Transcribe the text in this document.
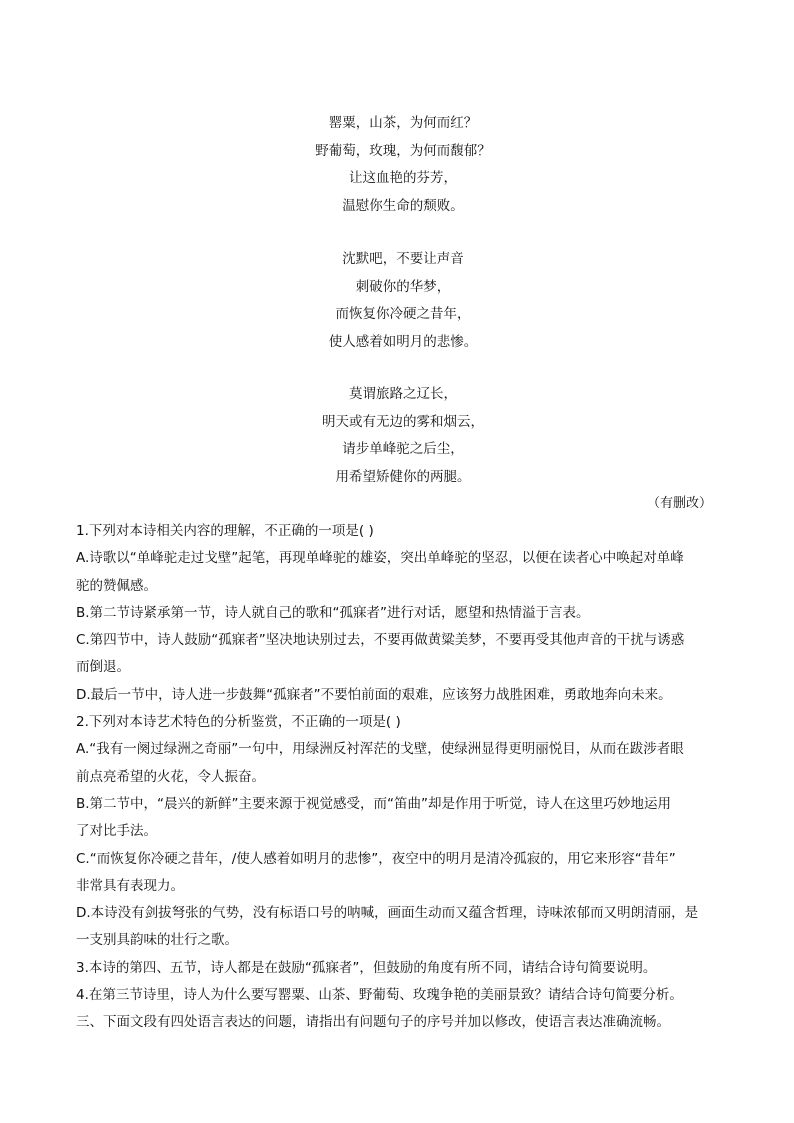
罂粟，山茶，为何而红？
野葡萄，玫瑰，为何而馥郁？
让这血艳的芬芳，
温慰你生命的颓败。
沈默吧，不要让声音
刺破你的华梦，
而恢复你冷硬之昔年，
使人感着如明月的悲惨。
莫谓旅路之辽长，
明天或有无边的雾和烟云，
请步单峰驼之后尘，
用希望矫健你的两腿。
（有删改）
1.下列对本诗相关内容的理解，不正确的一项是( )
A.诗歌以“单峰驼走过戈壁”起笔，再现单峰驼的雄姿，突出单峰驼的坚忍，以便在读者心中唤起对单峰
驼的赞佩感。
B.第二节诗紧承第一节，诗人就自己的歌和“孤寐者”进行对话，愿望和热情溢于言表。
C.第四节中，诗人鼓励“孤寐者”坚决地诀别过去，不要再做黄粱美梦，不要再受其他声音的干扰与诱惑
而倒退。
D.最后一节中，诗人进一步鼓舞“孤寐者”不要怕前面的艰难，应该努力战胜困难，勇敢地奔向未来。
2.下列对本诗艺术特色的分析鉴赏，不正确的一项是( )
A.“我有一阕过绿洲之奇丽”一句中，用绿洲反衬浑茫的戈壁，使绿洲显得更明丽悦目，从而在跋涉者眼
前点亮希望的火花，令人振奋。
B.第二节中，“晨兴的新鲜”主要来源于视觉感受，而“笛曲”却是作用于听觉，诗人在这里巧妙地运用
了对比手法。
C.“而恢复你冷硬之昔年，/使人感着如明月的悲惨”，夜空中的明月是清冷孤寂的，用它来形容“昔年”
非常具有表现力。
D.本诗没有剑拔弩张的气势，没有标语口号的呐喊，画面生动而又蕴含哲理，诗味浓郁而又明朗清丽，是
一支别具韵味的壮行之歌。
3.本诗的第四、五节，诗人都是在鼓励“孤寐者”，但鼓励的角度有所不同，请结合诗句简要说明。
4.在第三节诗里，诗人为什么要写罂粟、山茶、野葡萄、玫瑰争艳的美丽景致？请结合诗句简要分析。
三、下面文段有四处语言表达的问题，请指出有问题句子的序号并加以修改，使语言表达准确流畅。
